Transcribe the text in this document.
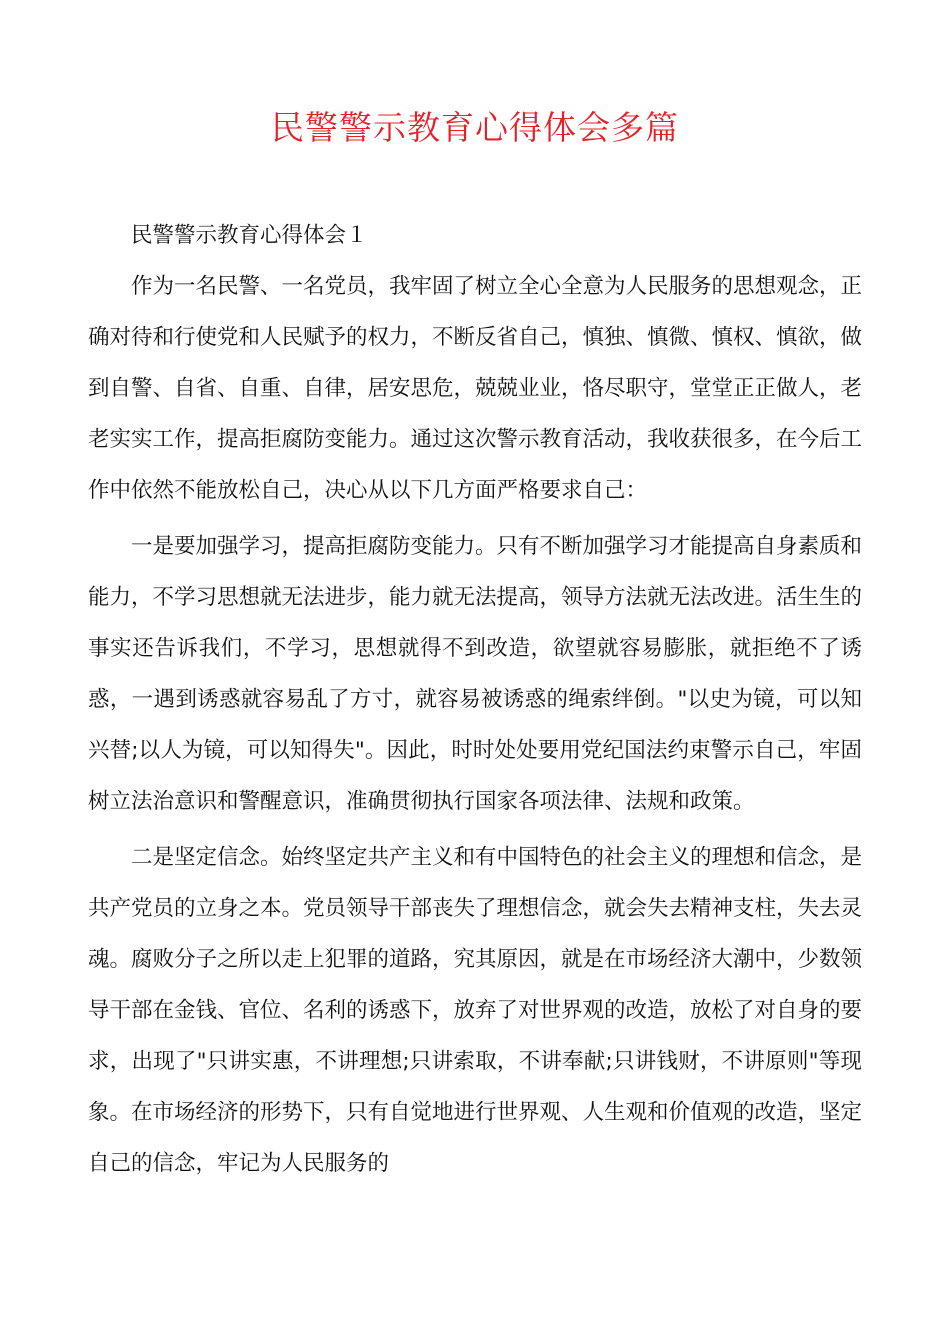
民警警示教育心得体会多篇

民警警示教育心得体会１

作为一名民警、一名党员，我牢固了树立全心全意为人民服务的思想观念，正确对待和行使党和人民赋予的权力，不断反省自己，慎独、慎微、慎权、慎欲，做到自警、自省、自重、自律，居安思危，兢兢业业，恪尽职守，堂堂正正做人，老老实实工作，提高拒腐防变能力。通过这次警示教育活动，我收获很多，在今后工作中依然不能放松自己，决心从以下几方面严格要求自己：

一是要加强学习，提高拒腐防变能力。只有不断加强学习才能提高自身素质和能力，不学习思想就无法进步，能力就无法提高，领导方法就无法改进。活生生的事实还告诉我们，不学习，思想就得不到改造，欲望就容易膨胀，就拒绝不了诱惑，一遇到诱惑就容易乱了方寸，就容易被诱惑的绳索绊倒。"以史为镜，可以知兴替;以人为镜，可以知得失"。因此，时时处处要用党纪国法约束警示自己，牢固树立法治意识和警醒意识，准确贯彻执行国家各项法律、法规和政策。

二是坚定信念。始终坚定共产主义和有中国特色的社会主义的理想和信念，是共产党员的立身之本。党员领导干部丧失了理想信念，就会失去精神支柱，失去灵魂。腐败分子之所以走上犯罪的道路，究其原因，就是在市场经济大潮中，少数领导干部在金钱、官位、名利的诱惑下，放弃了对世界观的改造，放松了对自身的要求，出现了"只讲实惠，不讲理想;只讲索取，不讲奉献;只讲钱财，不讲原则"等现象。在市场经济的形势下，只有自觉地进行世界观、人生观和价值观的改造，坚定自己的信念，牢记为人民服务的
